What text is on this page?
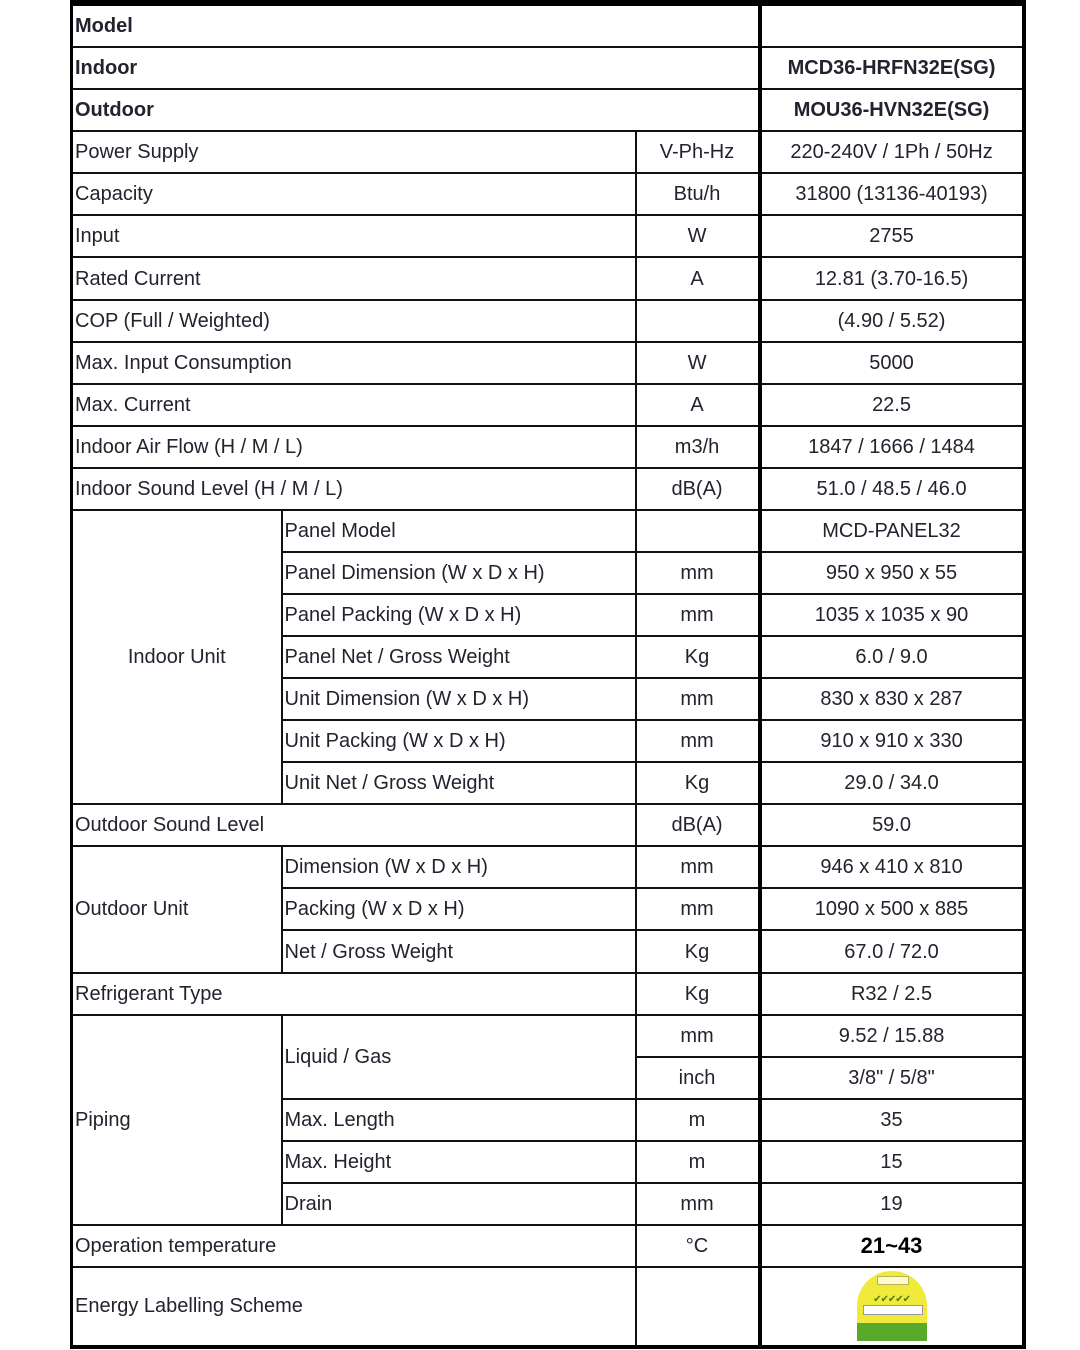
Model			
Indoor			MCD36-HRFN32E(SG)
Outdoor			MOU36-HVN32E(SG)
Power Supply		V-Ph-Hz	220-240V / 1Ph / 50Hz
Capacity		Btu/h	31800 (13136-40193)
Input		W	2755
Rated Current		A	12.81 (3.70-16.5)
COP (Full / Weighted)			(4.90 / 5.52)
Max. Input Consumption		W	5000
Max. Current		A	22.5
Indoor Air Flow (H / M / L)		m3/h	1847 / 1666 / 1484
Indoor Sound Level (H / M / L)		dB(A)	51.0 / 48.5 / 46.0
Indoor Unit	Panel Model		MCD-PANEL32
	Panel Dimension (W x D x H)	mm	950 x 950 x 55
	Panel Packing (W x D x H)	mm	1035 x 1035 x 90
	Panel Net / Gross Weight	Kg	6.0 / 9.0
	Unit Dimension (W x D x H)	mm	830 x 830 x 287
	Unit Packing (W x D x H)	mm	910 x 910 x 330
	Unit Net / Gross Weight	Kg	29.0 / 34.0
Outdoor Sound Level		dB(A)	59.0
Outdoor Unit	Dimension (W x D x H)	mm	946 x 410 x 810
	Packing (W x D x H)	mm	1090 x 500 x 885
	Net / Gross Weight	Kg	67.0 / 72.0
Refrigerant Type		Kg	R32 / 2.5
Piping	Liquid / Gas	mm	9.52 / 15.88
		inch	3/8" / 5/8"
	Max. Length	m	35
	Max. Height	m	15
	Drain	mm	19
Operation temperature		°C	21~43
Energy Labelling Scheme			✔✔✔✔✔
